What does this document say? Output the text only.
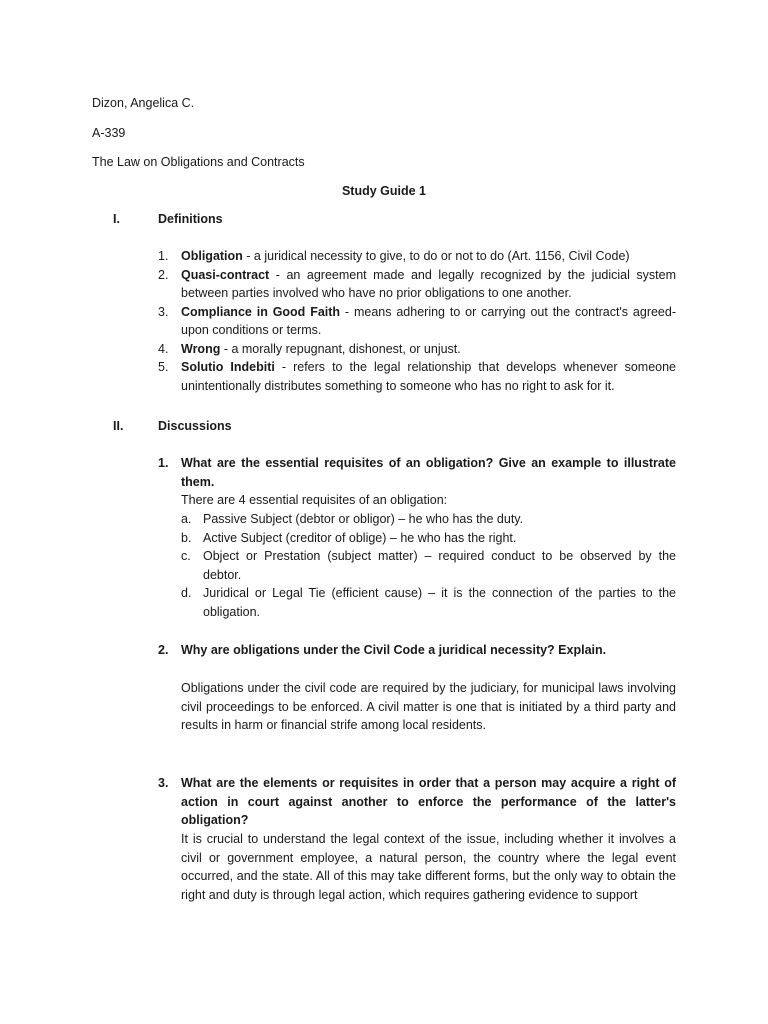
Dizon, Angelica C.
A-339
The Law on Obligations and Contracts
Study Guide 1
I.	Definitions
1. Obligation - a juridical necessity to give, to do or not to do (Art. 1156, Civil Code)
2. Quasi-contract - an agreement made and legally recognized by the judicial system between parties involved who have no prior obligations to one another.
3. Compliance in Good Faith - means adhering to or carrying out the contract's agreed-upon conditions or terms.
4. Wrong - a morally repugnant, dishonest, or unjust.
5. Solutio Indebiti - refers to the legal relationship that develops whenever someone unintentionally distributes something to someone who has no right to ask for it.
II.	Discussions
1.	What are the essential requisites of an obligation? Give an example to illustrate them.
There are 4 essential requisites of an obligation:
a. Passive Subject (debtor or obligor) – he who has the duty.
b. Active Subject (creditor of oblige) – he who has the right.
c. Object or Prestation (subject matter) – required conduct to be observed by the debtor.
d. Juridical or Legal Tie (efficient cause) – it is the connection of the parties to the obligation.
2.	Why are obligations under the Civil Code a juridical necessity? Explain.
Obligations under the civil code are required by the judiciary, for municipal laws involving civil proceedings to be enforced. A civil matter is one that is initiated by a third party and results in harm or financial strife among local residents.
3.	What are the elements or requisites in order that a person may acquire a right of action in court against another to enforce the performance of the latter's obligation?
It is crucial to understand the legal context of the issue, including whether it involves a civil or government employee, a natural person, the country where the legal event occurred, and the state. All of this may take different forms, but the only way to obtain the right and duty is through legal action, which requires gathering evidence to support
